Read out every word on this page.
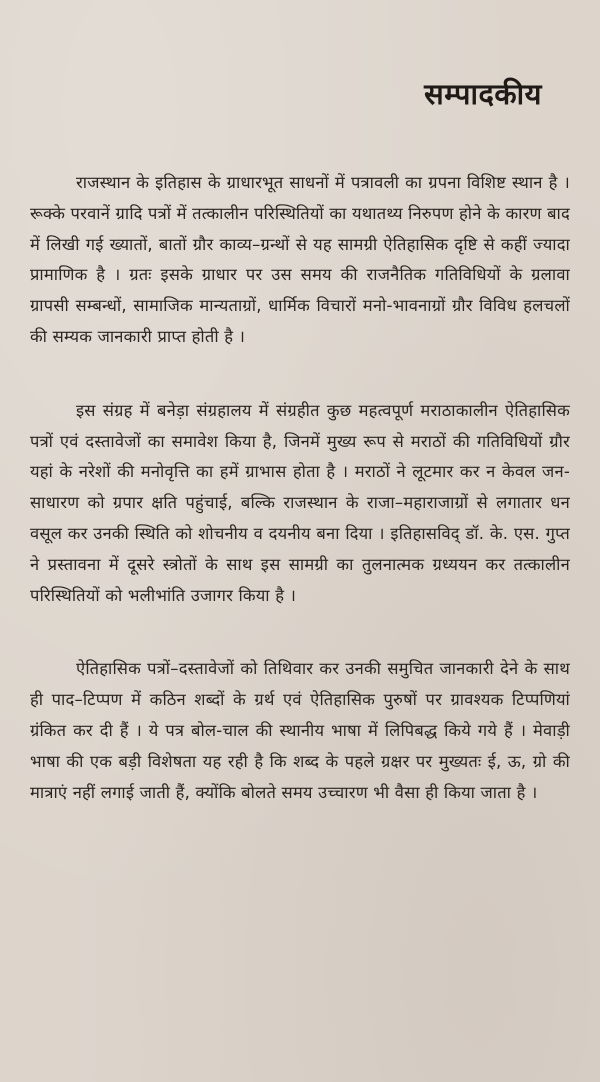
सम्पादकीय

राजस्थान के इतिहास के ग्राधारभूत साधनों में पत्रावली का ग्रपना विशिष्ट स्थान है । रूक्के परवानें ग्रादि पत्रों में तत्कालीन परिस्थितियों का यथातथ्य निरुपण होने के कारण बाद में लिखी गई ख्यातों, बातों ग्रौर काव्य–ग्रन्थों से यह सामग्री ऐतिहासिक दृष्टि से कहीं ज्यादा प्रामाणिक है । ग्रतः इसके ग्राधार पर उस समय की राजनैतिक गतिविधियों के ग्रलावा ग्रापसी सम्बन्धों, सामाजिक मान्यताग्रों, धार्मिक विचारों मनो-भावनाग्रों ग्रौर विविध हलचलों की सम्यक जानकारी प्राप्त होती है ।

इस संग्रह में बनेड़ा संग्रहालय में संग्रहीत कुछ महत्वपूर्ण मराठाकालीन ऐतिहासिक पत्रों एवं दस्तावेजों का समावेश किया है, जिनमें मुख्य रूप से मराठों की गतिविधियों ग्रौर यहां के नरेशों की मनोवृत्ति का हमें ग्राभास होता है । मराठों ने लूटमार कर न केवल जन-साधारण को ग्रपार क्षति पहुंचाई, बल्कि राजस्थान के राजा–महाराजाग्रों से लगातार धन वसूल कर उनकी स्थिति को शोचनीय व दयनीय बना दिया । इतिहासविद् डॉ. के. एस. गुप्त ने प्रस्तावना में दूसरे स्त्रोतों के साथ इस सामग्री का तुलनात्मक ग्रध्ययन कर तत्कालीन परिस्थितियों को भलीभांति उजागर किया है ।

ऐतिहासिक पत्रों–दस्तावेजों को तिथिवार कर उनकी समुचित जानकारी देने के साथ ही पाद–टिप्पण में कठिन शब्दों के ग्रर्थ एवं ऐतिहासिक पुरुषों पर ग्रावश्यक टिप्पणियां ग्रंकित कर दी हैं । ये पत्र बोल-चाल की स्थानीय भाषा में लिपिबद्ध किये गये हैं । मेवाड़ी भाषा की एक बड़ी विशेषता यह रही है कि शब्द के पहले ग्रक्षर पर मुख्यतः ई, ऊ, ग्रो की मात्राएं नहीं लगाई जाती हैं, क्योंकि बोलते समय उच्चारण भी वैसा ही किया जाता है ।
